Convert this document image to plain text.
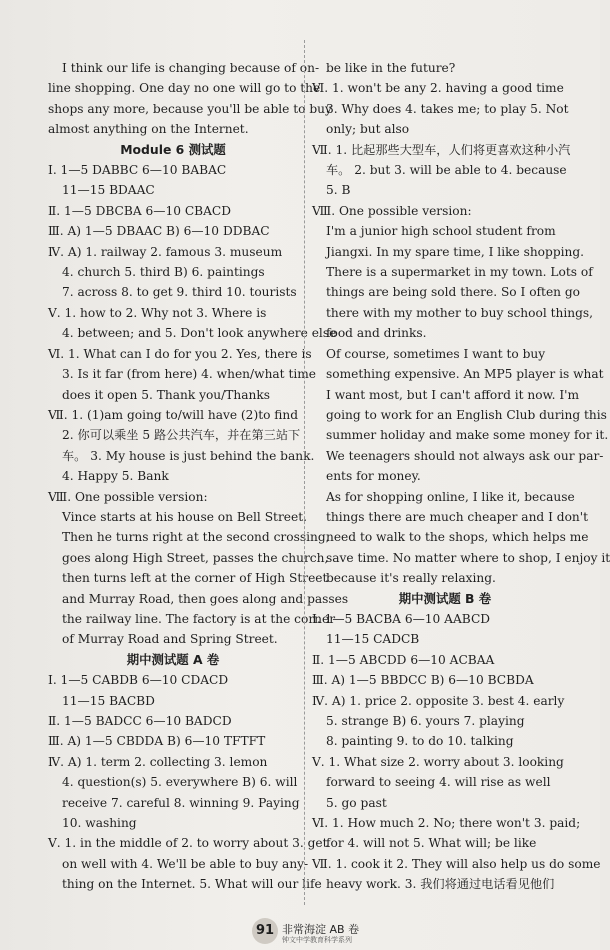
I think our life is changing because of on-
line shopping. One day no one will go to the
shops any more, because you'll be able to buy
almost anything on the Internet.
Module 6 测试题
Ⅰ. 1—5 DABBC 6—10 BABAC
11—15 BDAAC
Ⅱ. 1—5 DBCBA 6—10 CBACD
Ⅲ. A) 1—5 DBAAC B) 6—10 DDBAC
Ⅳ. A) 1. railway 2. famous 3. museum
4. church 5. third B) 6. paintings
7. across 8. to get 9. third 10. tourists
Ⅴ. 1. how to 2. Why not 3. Where is
4. between; and 5. Don't look anywhere else
Ⅵ. 1. What can I do for you 2. Yes, there is
3. Is it far (from here) 4. when/what time
does it open 5. Thank you/Thanks
Ⅶ. 1. (1)am going to/will have (2)to find
2. 你可以乘坐 5 路公共汽车，并在第三站下
车。 3. My house is just behind the bank.
4. Happy 5. Bank
Ⅷ. One possible version:
Vince starts at his house on Bell Street.
Then he turns right at the second crossing,
goes along High Street, passes the church,
then turns left at the corner of High Street
and Murray Road, then goes along and passes
the railway line. The factory is at the corner
of Murray Road and Spring Street.
期中测试题 A 卷
Ⅰ. 1—5 CABDB 6—10 CDACD
11—15 BACBD
Ⅱ. 1—5 BADCC 6—10 BADCD
Ⅲ. A) 1—5 CBDDA B) 6—10 TFTFT
Ⅳ. A) 1. term 2. collecting 3. lemon
4. question(s) 5. everywhere B) 6. will
receive 7. careful 8. winning 9. Paying
10. washing
Ⅴ. 1. in the middle of 2. to worry about 3. get
on well with 4. We'll be able to buy any-
thing on the Internet. 5. What will our life
be like in the future?
Ⅵ. 1. won't be any 2. having a good time
3. Why does 4. takes me; to play 5. Not
only; but also
Ⅶ. 1. 比起那些大型车，人们将更喜欢这种小汽
车。 2. but 3. will be able to 4. because
5. B
Ⅷ. One possible version:
I'm a junior high school student from
Jiangxi. In my spare time, I like shopping.
There is a supermarket in my town. Lots of
things are being sold there. So I often go
there with my mother to buy school things,
food and drinks.
Of course, sometimes I want to buy
something expensive. An MP5 player is what
I want most, but I can't afford it now. I'm
going to work for an English Club during this
summer holiday and make some money for it.
We teenagers should not always ask our par-
ents for money.
As for shopping online, I like it, because
things there are much cheaper and I don't
need to walk to the shops, which helps me
save time. No matter where to shop, I enjoy it
because it's really relaxing.
期中测试题 B 卷
Ⅰ. 1—5 BACBA 6—10 AABCD
11—15 CADCB
Ⅱ. 1—5 ABCDD 6—10 ACBAA
Ⅲ. A) 1—5 BBDCC B) 6—10 BCBDA
Ⅳ. A) 1. price 2. opposite 3. best 4. early
5. strange B) 6. yours 7. playing
8. painting 9. to do 10. talking
Ⅴ. 1. What size 2. worry about 3. looking
forward to seeing 4. will rise as well
5. go past
Ⅵ. 1. How much 2. No; there won't 3. paid;
for 4. will not 5. What will; be like
Ⅶ. 1. cook it 2. They will also help us do some
heavy work. 3. 我们将通过电话看见他们
91 非常海淀 AB 卷
钟文中学教育科学系列
